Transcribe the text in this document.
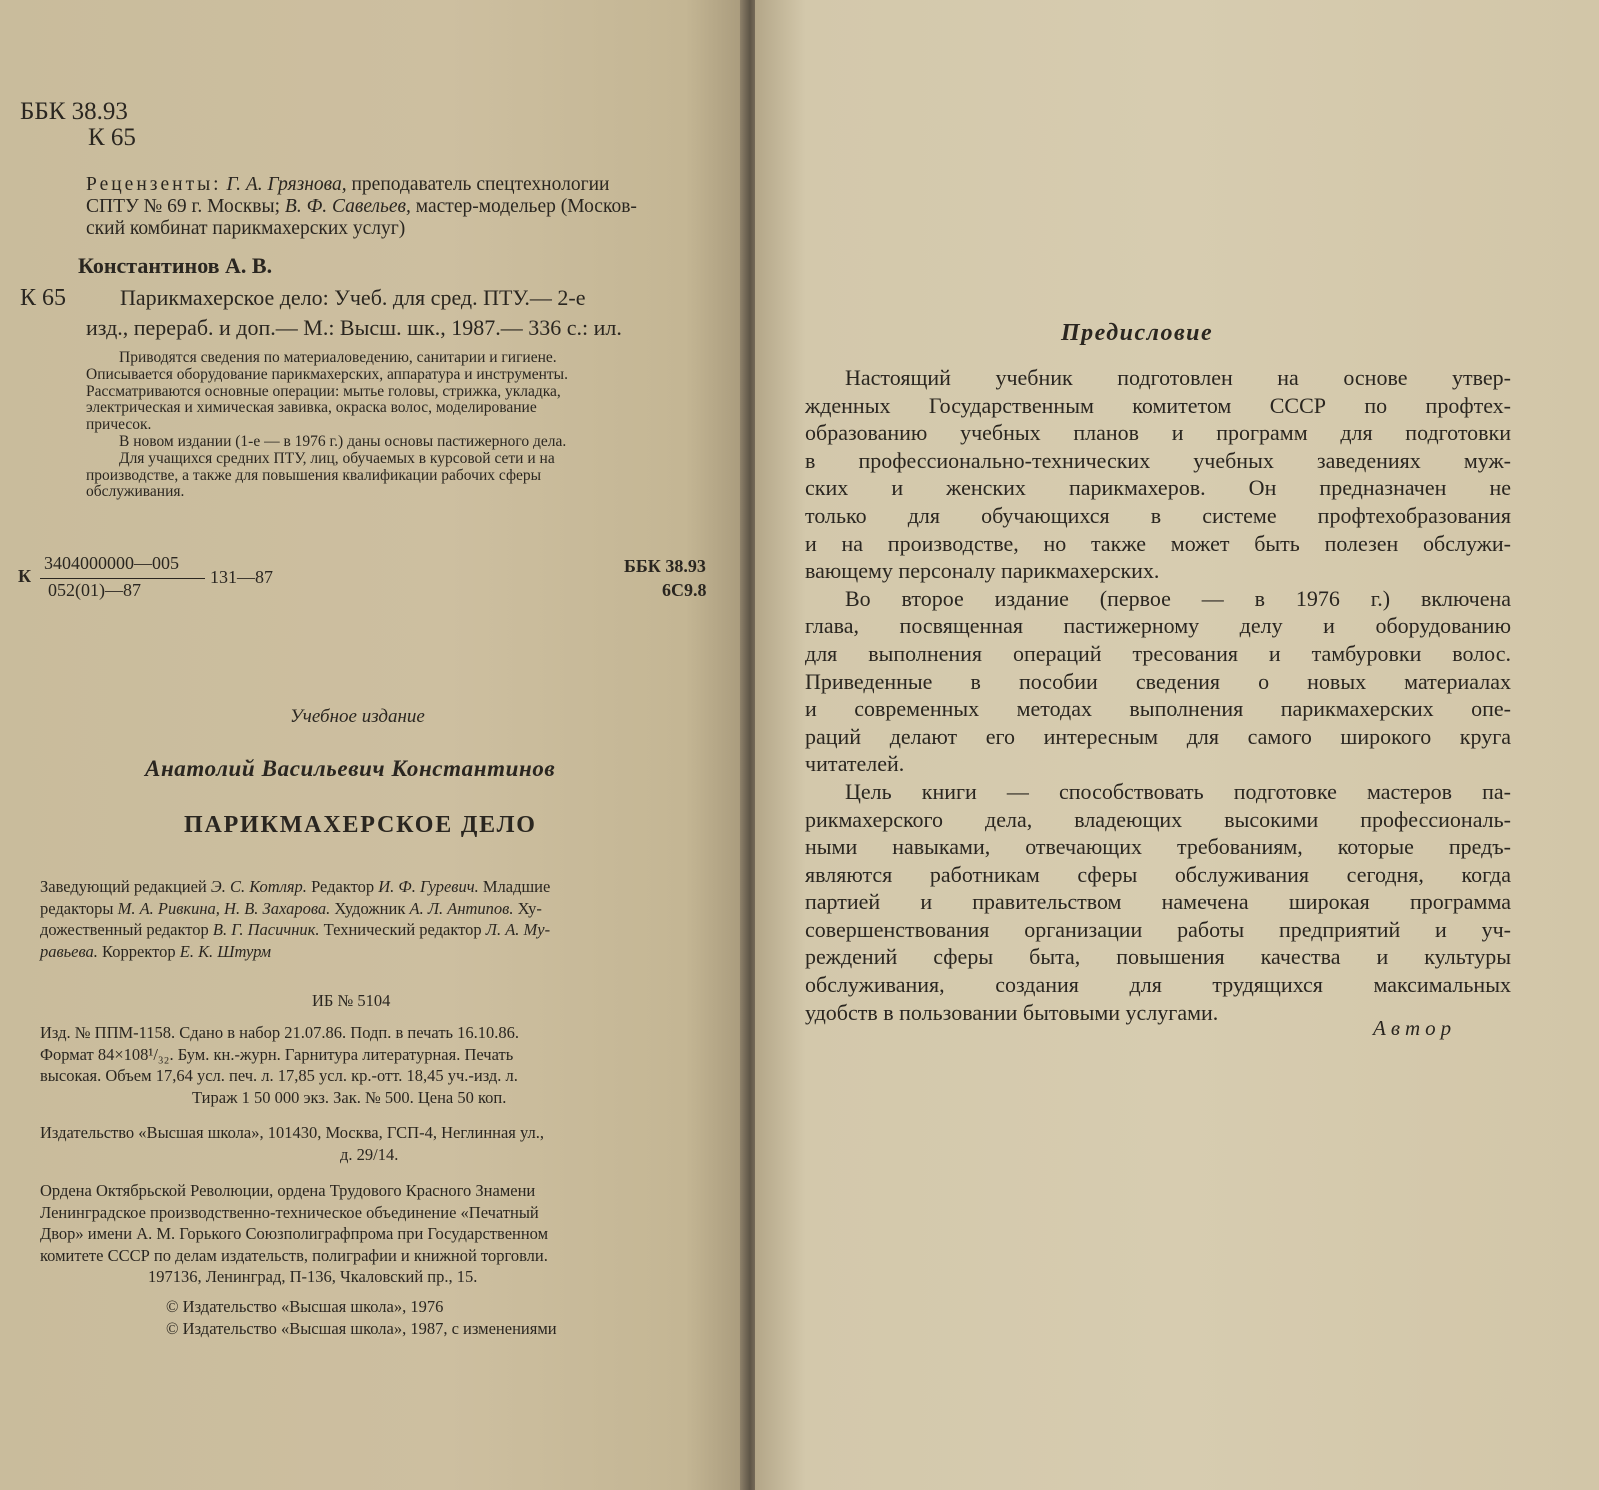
ББК 38.93
К 65
Рецензенты: Г. А. Грязнова, преподаватель спецтехнологии
СПТУ № 69 г. Москвы; В. Ф. Савельев, мастер-модельер (Москов-
ский комбинат парикмахерских услуг)
Константинов А. В.
К 65 Парикмахерское дело: Учеб. для сред. ПТУ.— 2-е
изд., перераб. и доп.— М.: Высш. шк., 1987.— 336 с.: ил.
Приводятся сведения по материаловедению, санитарии и гигиене.
Описывается оборудование парикмахерских, аппаратура и инструменты.
Рассматриваются основные операции: мытье головы, стрижка, укладка,
электрическая и химическая завивка, окраска волос, моделирование
причесок.
В новом издании (1-е — в 1976 г.) даны основы пастижерного дела.
Для учащихся средних ПТУ, лиц, обучаемых в курсовой сети и на
производстве, а также для повышения квалификации рабочих сферы
обслуживания.
К
3404000000—005
052(01)—87
131—87
ББК 38.93
6С9.8
Учебное издание
Анатолий Васильевич Константинов
ПАРИКМАХЕРСКОЕ ДЕЛО
Заведующий редакцией Э. С. Котляр. Редактор И. Ф. Гуревич. Младшие
редакторы М. А. Ривкина, Н. В. Захарова. Художник А. Л. Антипов. Ху-
дожественный редактор В. Г. Пасичник. Технический редактор Л. А. Му-
равьева. Корректор Е. К. Штурм
ИБ № 5104
Изд. № ППМ-1158. Сдано в набор 21.07.86. Подп. в печать 16.10.86.
Формат 84×108¹/₃₂. Бум. кн.-журн. Гарнитура литературная. Печать
высокая. Объем 17,64 усл. печ. л. 17,85 усл. кр.-отт. 18,45 уч.-изд. л.
Тираж 1 50 000 экз. Зак. № 500. Цена 50 коп.
Издательство «Высшая школа», 101430, Москва, ГСП-4, Неглинная ул.,
д. 29/14.
Ордена Октябрьской Революции, ордена Трудового Красного Знамени
Ленинградское производственно-техническое объединение «Печатный
Двор» имени А. М. Горького Союзполиграфпрома при Государственном
комитете СССР по делам издательств, полиграфии и книжной торговли.
197136, Ленинград, П-136, Чкаловский пр., 15.
© Издательство «Высшая школа», 1976
© Издательство «Высшая школа», 1987, с изменениями
Предисловие

Настоящий учебник подготовлен на основе утвер-

жденных Государственным комитетом СССР по профтех-

образованию учебных планов и программ для подготовки

в профессионально-технических учебных заведениях муж-

ских и женских парикмахеров. Он предназначен не

только для обучающихся в системе профтехобразования

и на производстве, но также может быть полезен обслужи-

вающему персоналу парикмахерских.

Во второе издание (первое — в 1976 г.) включена

глава, посвященная пастижерному делу и оборудованию

для выполнения операций тресования и тамбуровки волос.

Приведенные в пособии сведения о новых материалах

и современных методах выполнения парикмахерских опе-

раций делают его интересным для самого широкого круга

читателей.

Цель книги — способствовать подготовке мастеров па-

рикмахерского дела, владеющих высокими профессиональ-

ными навыками, отвечающих требованиям, которые предъ-

являются работникам сферы обслуживания сегодня, когда

партией и правительством намечена широкая программа

совершенствования организации работы предприятий и уч-

реждений сферы быта, повышения качества и культуры

обслуживания, создания для трудящихся максимальных

удобств в пользовании бытовыми услугами.

Автор
